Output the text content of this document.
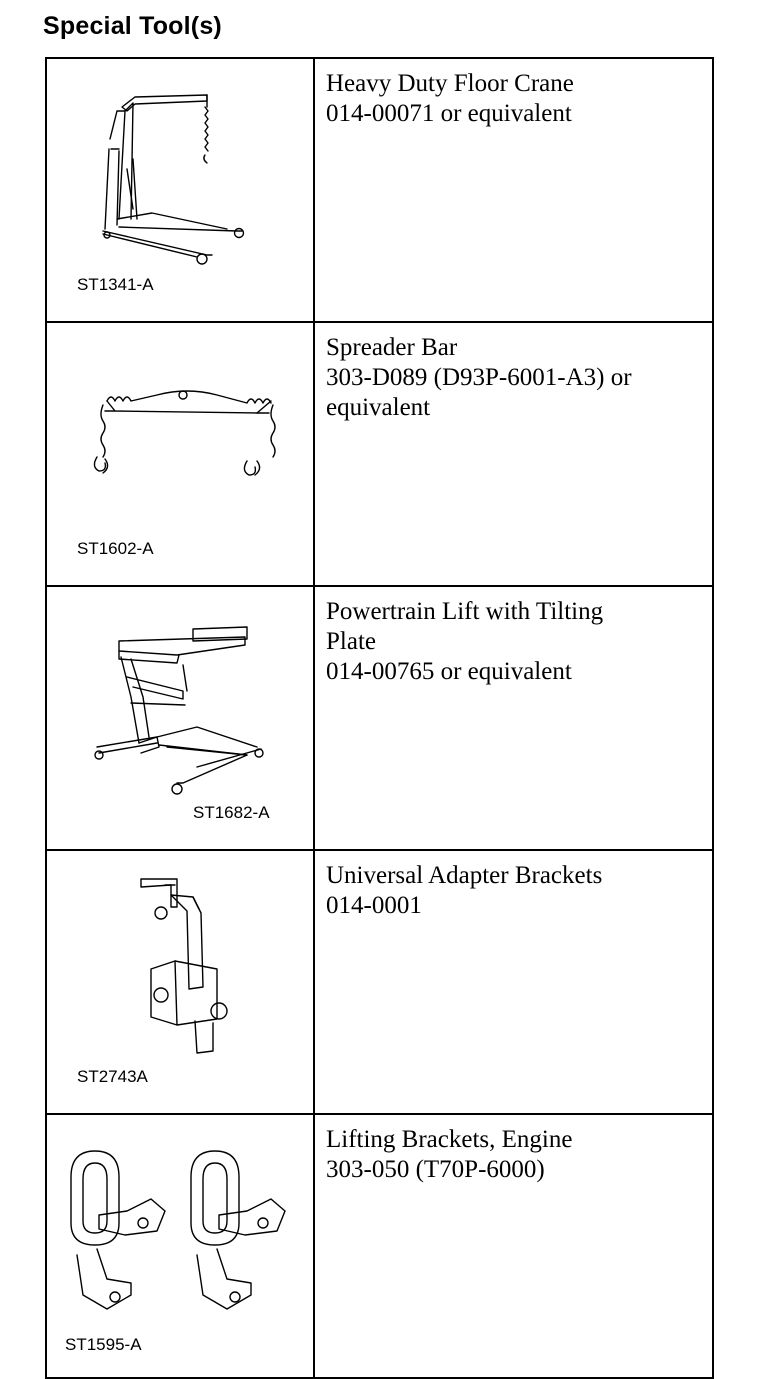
Special Tool(s)
ST1341-A	Heavy Duty Floor Crane

014-00071 or equivalent

ST1602-A	Spreader Bar

303-D089 (D93P-6001-A3) or

equivalent

ST1682-A	Powertrain Lift with Tilting

Plate

014-00765 or equivalent

ST2743A	Universal Adapter Brackets

014-0001

ST1595-A	Lifting Brackets, Engine

303-050 (T70P-6000)
